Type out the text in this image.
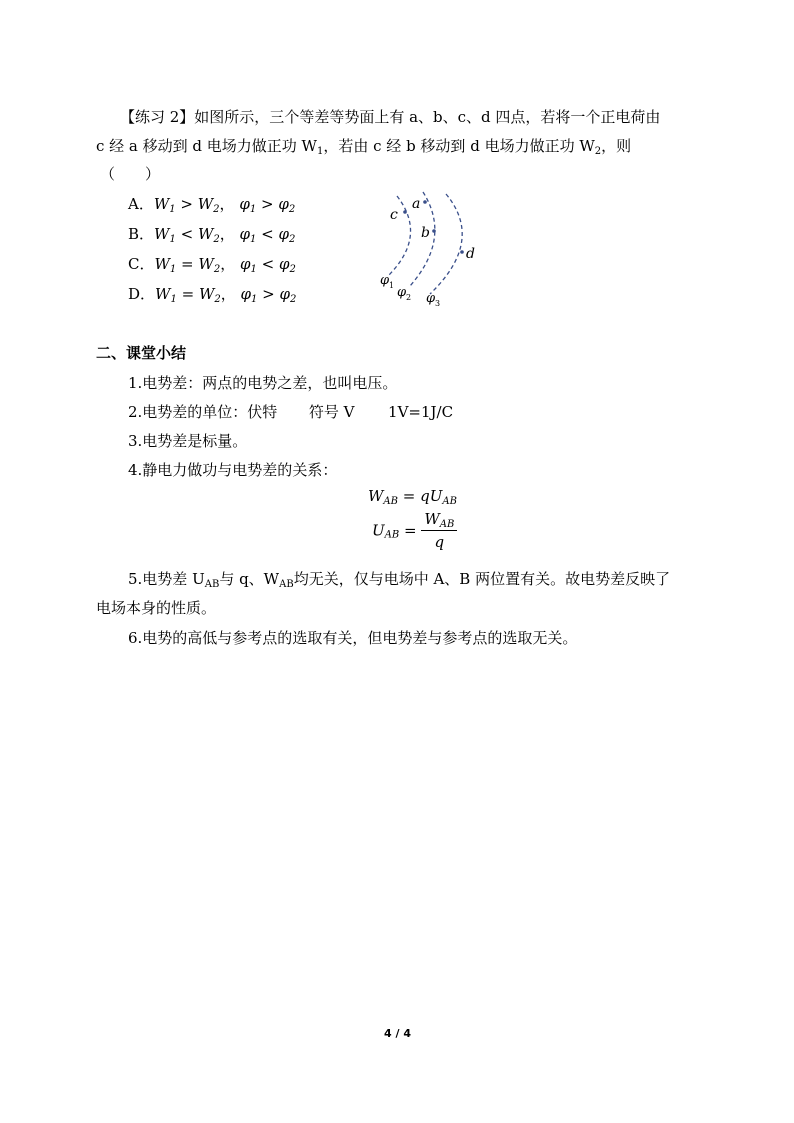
【练习 2】如图所示，三个等差等势面上有 a、b、c、d 四点，若将一个正电荷由
c 经 a 移动到 d 电场力做正功 $W_1$，若由 c 经 b 移动到 d 电场力做正功 $W_2$，则
（　　）
A．$W_1 > W_2$， $\varphi_1 > \varphi_2$
B．$W_1 < W_2$， $\varphi_1 < \varphi_2$
C．$W_1 = W_2$， $\varphi_1 < \varphi_2$
D．$W_1 = W_2$， $\varphi_1 > \varphi_2$
c
a
b
d
φ 1 φ 2 φ 3
二、课堂小结
1.电势差：两点的电势之差，也叫电压。
2.电势差的单位：伏特 符号 V 1V=1J/C
3.电势差是标量。
4.静电力做功与电势差的关系：
$W_{AB} = qU_{AB}$
$U_{AB} = \frac{W_{AB}}{q}$
5.电势差 $U_{AB}$与 q、$W_{AB}$均无关，仅与电场中 A、B 两位置有关。故电势差反映了
电场本身的性质。
6.电势的高低与参考点的选取有关，但电势差与参考点的选取无关。
4 / 4
